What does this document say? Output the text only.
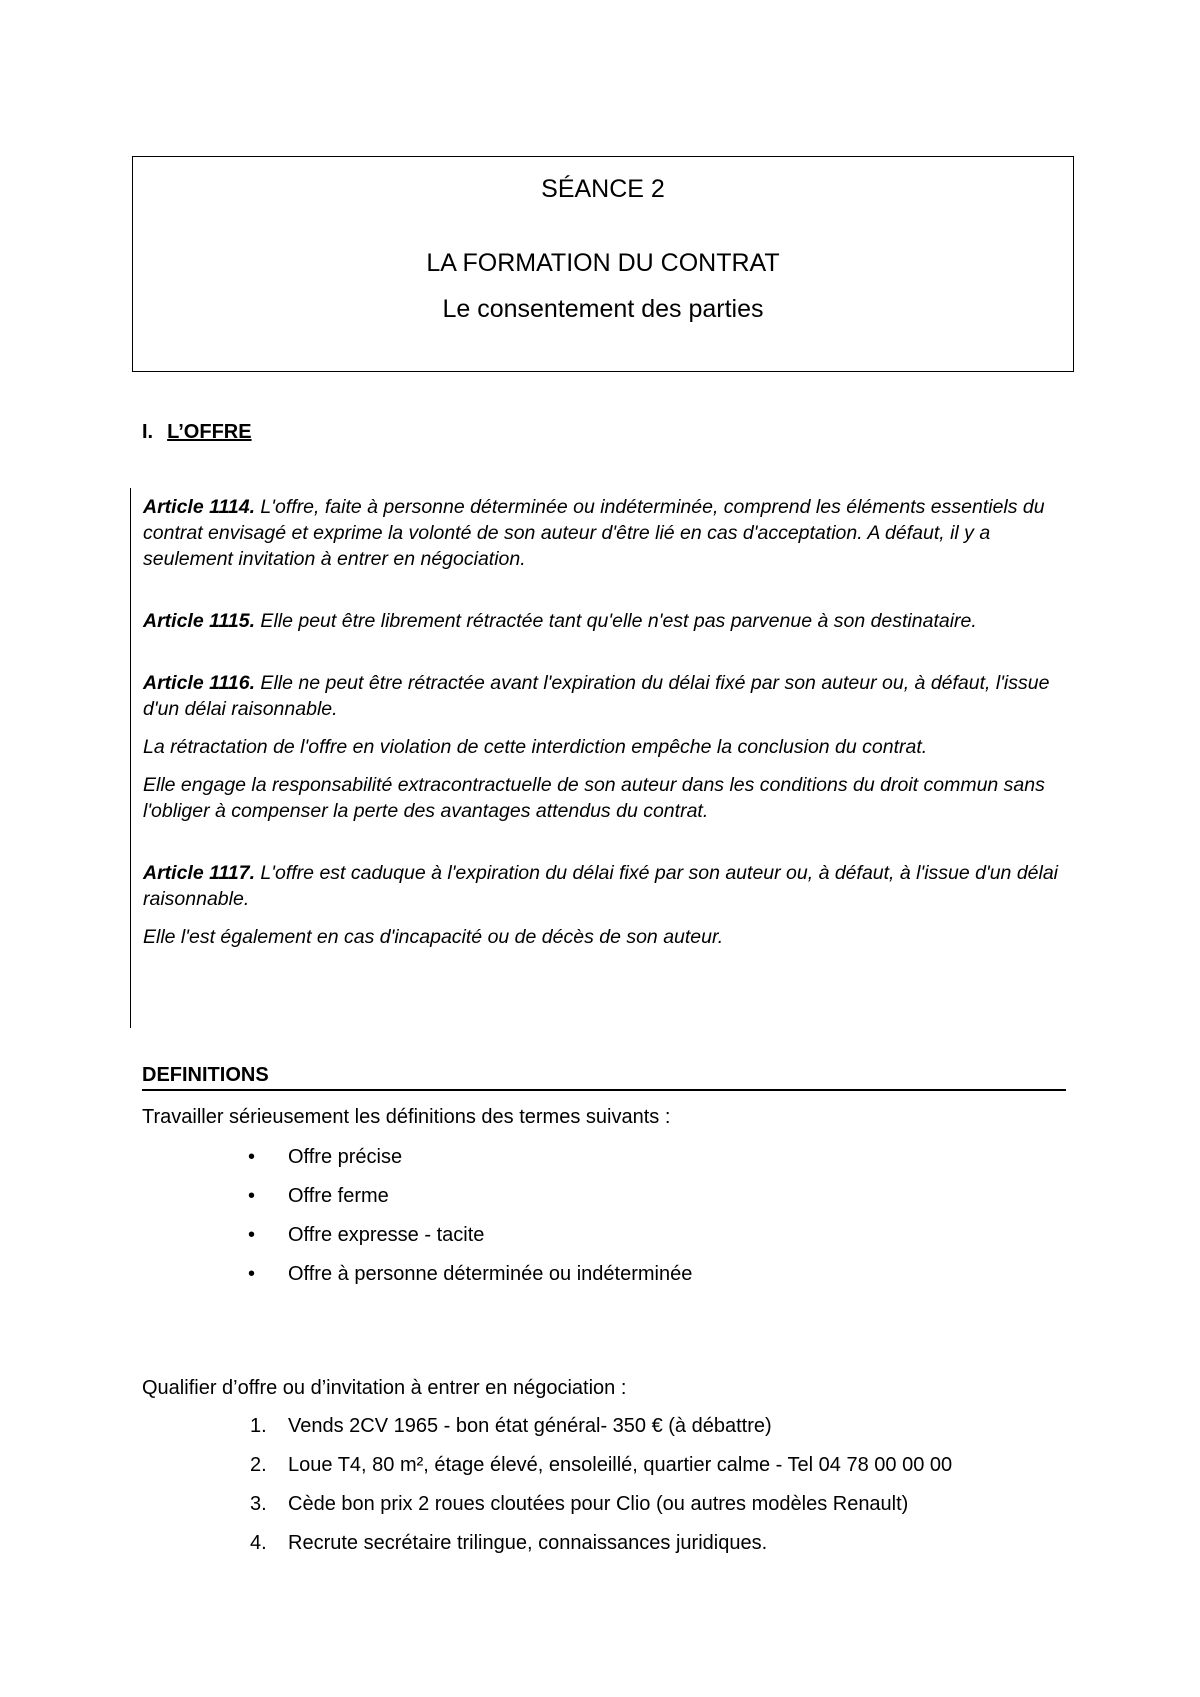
SÉANCE 2
LA FORMATION DU CONTRAT
Le consentement des parties
I. L’OFFRE

Article 1114. L'offre, faite à personne déterminée ou indéterminée, comprend les éléments essentiels du contrat envisagé et exprime la volonté de son auteur d'être lié en cas d'acceptation. A défaut, il y a seulement invitation à entrer en négociation.

Article 1115. Elle peut être librement rétractée tant qu'elle n'est pas parvenue à son destinataire.

Article 1116. Elle ne peut être rétractée avant l'expiration du délai fixé par son auteur ou, à défaut, l'issue d'un délai raisonnable.

La rétractation de l'offre en violation de cette interdiction empêche la conclusion du contrat.

Elle engage la responsabilité extracontractuelle de son auteur dans les conditions du droit commun sans l'obliger à compenser la perte des avantages attendus du contrat.

Article 1117. L'offre est caduque à l'expiration du délai fixé par son auteur ou, à défaut, à l'issue d'un délai raisonnable.

Elle l'est également en cas d'incapacité ou de décès de son auteur.

DEFINITIONS
Travailler sérieusement les définitions des termes suivants :
• Offre précise
• Offre ferme
• Offre expresse - tacite
• Offre à personne déterminée ou indéterminée
Qualifier d’offre ou d’invitation à entrer en négociation :
1. Vends 2CV 1965 - bon état général- 350 € (à débattre)
2. Loue T4, 80 m², étage élevé, ensoleillé, quartier calme - Tel 04 78 00 00 00
3. Cède bon prix 2 roues cloutées pour Clio (ou autres modèles Renault)
4. Recrute secrétaire trilingue, connaissances juridiques.
